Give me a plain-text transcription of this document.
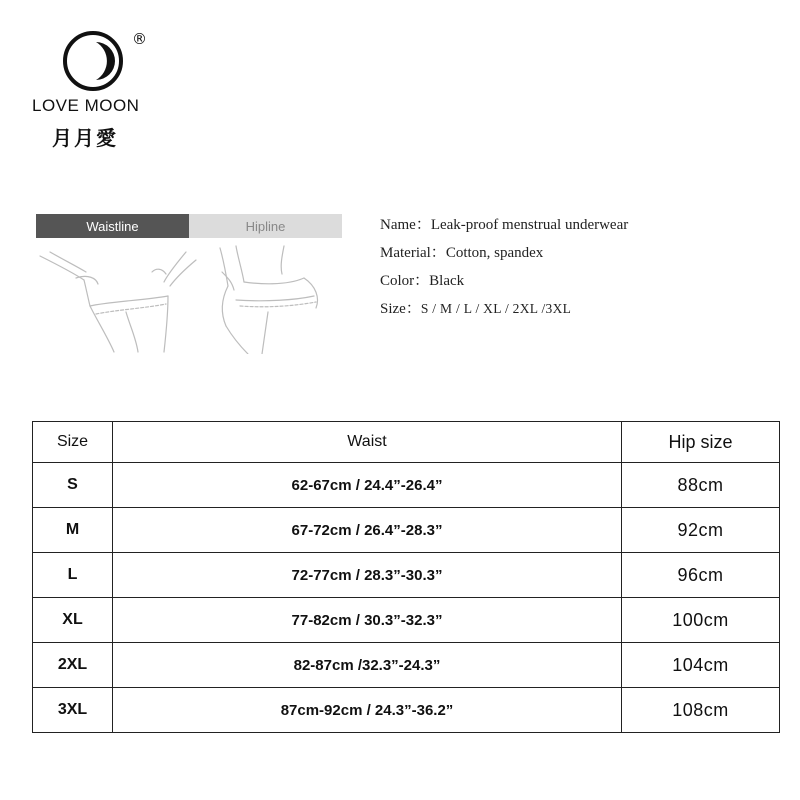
®
LOVE MOON
月月愛
Waistline	Hipline	Name：Leak-proof menstrual underwear
Material：Cotton, spandex
Color：Black
Size：S / M / L / XL / 2XL /3XL
Size	Waist	Hip size
S	62-67cm / 24.4”-26.4”	88cm
M	67-72cm / 26.4”-28.3”	92cm
L	72-77cm / 28.3”-30.3”	96cm
XL	77-82cm / 30.3”-32.3”	100cm
2XL	82-87cm /32.3”-24.3”	104cm
3XL	87cm-92cm / 24.3”-36.2”	108cm
